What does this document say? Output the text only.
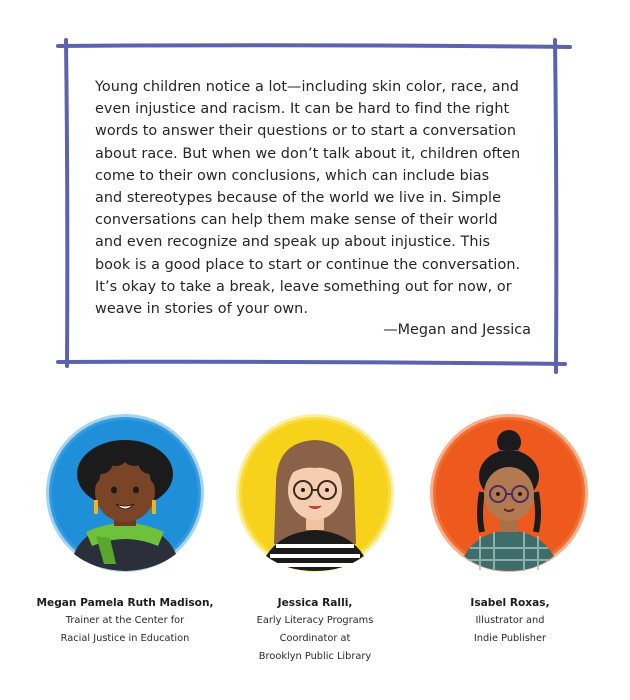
Young children notice a lot—including skin color, race, and
even injustice and racism. It can be hard to find the right
words to answer their questions or to start a conversation
about race. But when we don’t talk about it, children often
come to their own conclusions, which can include bias
and stereotypes because of the world we live in. Simple
conversations can help them make sense of their world
and even recognize and speak up about injustice. This
book is a good place to start or continue the conversation.
It’s okay to take a break, leave something out for now, or
weave in stories of your own.

—Megan and Jessica
Megan Pamela Ruth Madison,
Trainer at the Center for
Racial Justice in Education
Jessica Ralli,
Early Literacy Programs
Coordinator at
Brooklyn Public Library
Isabel Roxas,
Illustrator and
Indie Publisher
